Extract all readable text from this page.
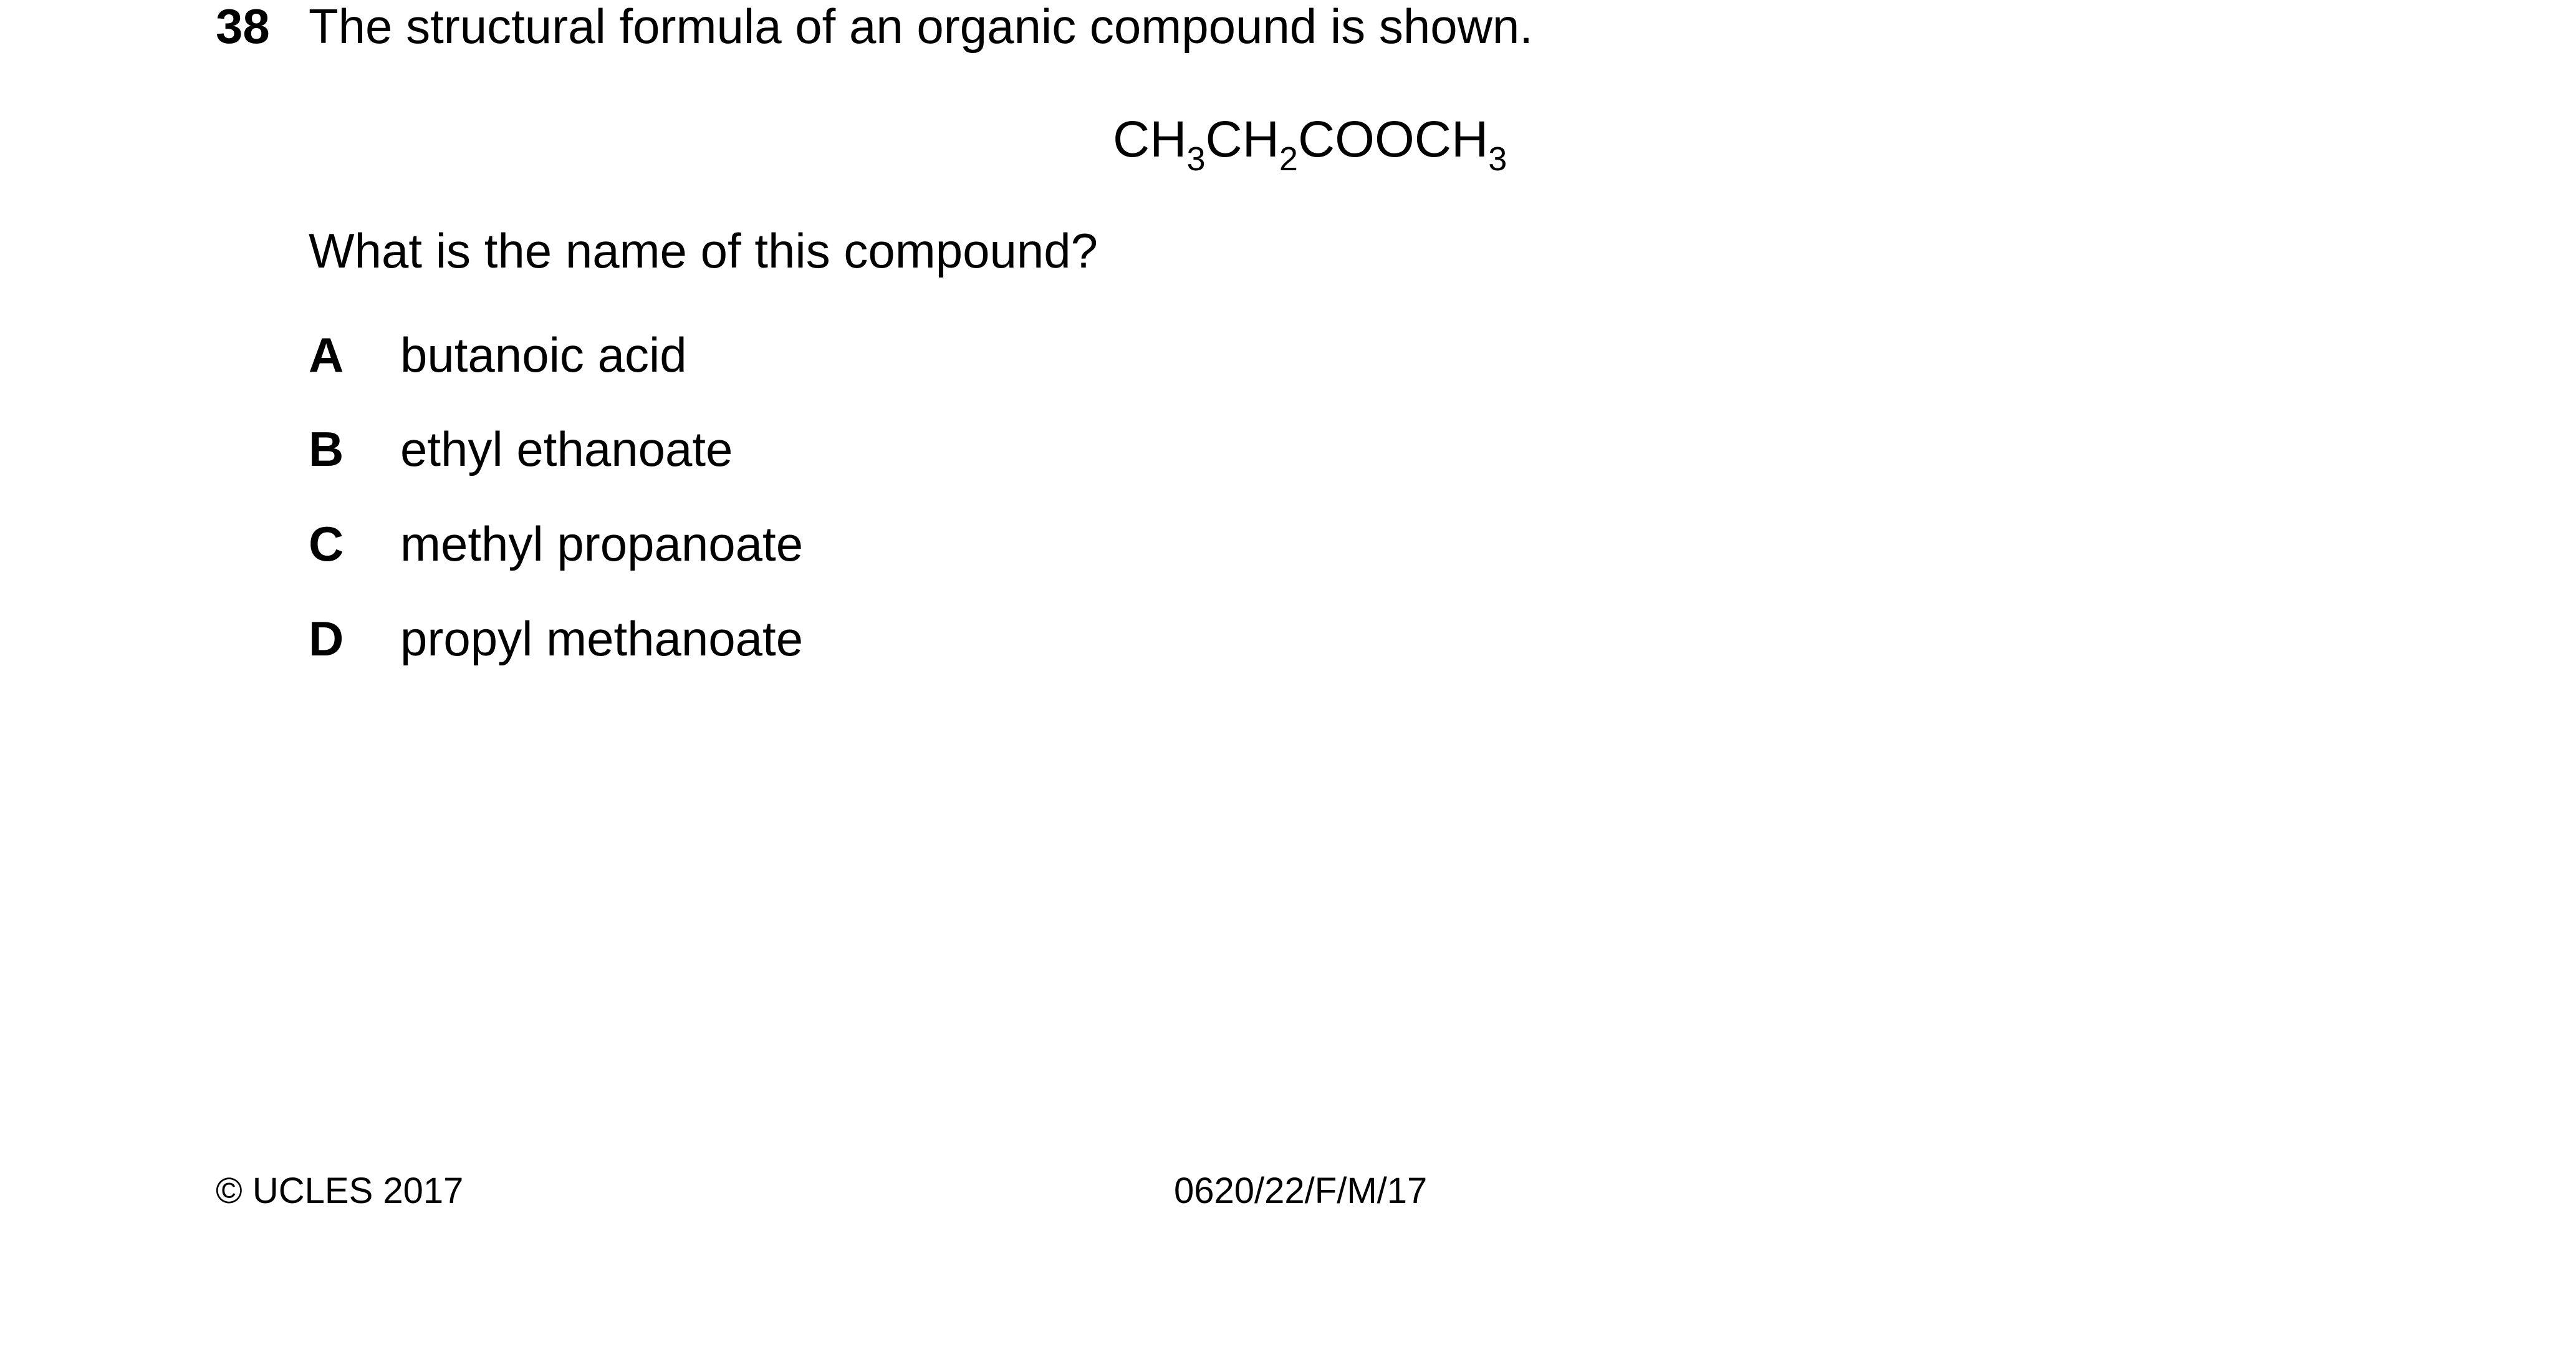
38 The structural formula of an organic compound is shown.
$CH_3CH_2COOCH_3$
What is the name of this compound?
A butanoic acid
B ethyl ethanoate
C methyl propanoate
D propyl methanoate
© UCLES 2017	0620/22/F/M/17
